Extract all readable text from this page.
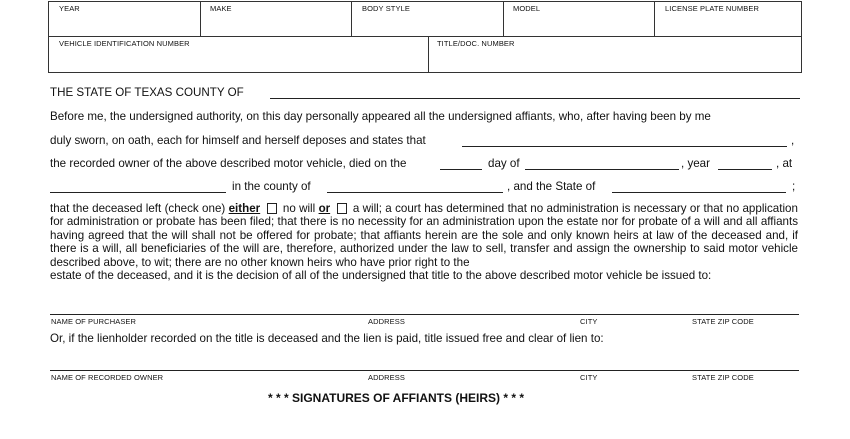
YEAR	MAKE	BODY STYLE	MODEL	LICENSE PLATE NUMBER
VEHICLE IDENTIFICATION NUMBER	TITLE/DOC. NUMBER
THE STATE OF TEXAS COUNTY OF
Before me, the undersigned authority, on this day personally appeared all the undersigned affiants, who, after having been by me
duly sworn, on oath, each for himself and herself deposes and states that	,
the recorded owner of the above described motor vehicle, died on the	day of	, year	, at
in the county of	, and the State of	;
that the deceased left (check one) either no will or a will; a court has determined that no administration is necessary or that no application for administration or probate has been filed; that there is no necessity for an administration upon the estate nor for probate of a will and all affiants having agreed that the will shall not be offered for probate; that affiants herein are the sole and only known heirs at law of the deceased and, if there is a will, all beneficiaries of the will are, therefore, authorized under the law to sell, transfer and assign the ownership to said motor vehicle described above, to wit; there are no other known heirs who have prior right to the
estate of the deceased, and it is the decision of all of the undersigned that title to the above described motor vehicle be issued to:
NAME OF PURCHASER	ADDRESS	CITY	STATE ZIP CODE
Or, if the lienholder recorded on the title is deceased and the lien is paid, title issued free and clear of lien to:
NAME OF RECORDED OWNER	ADDRESS	CITY	STATE ZIP CODE
* * * SIGNATURES OF AFFIANTS (HEIRS) * * *
